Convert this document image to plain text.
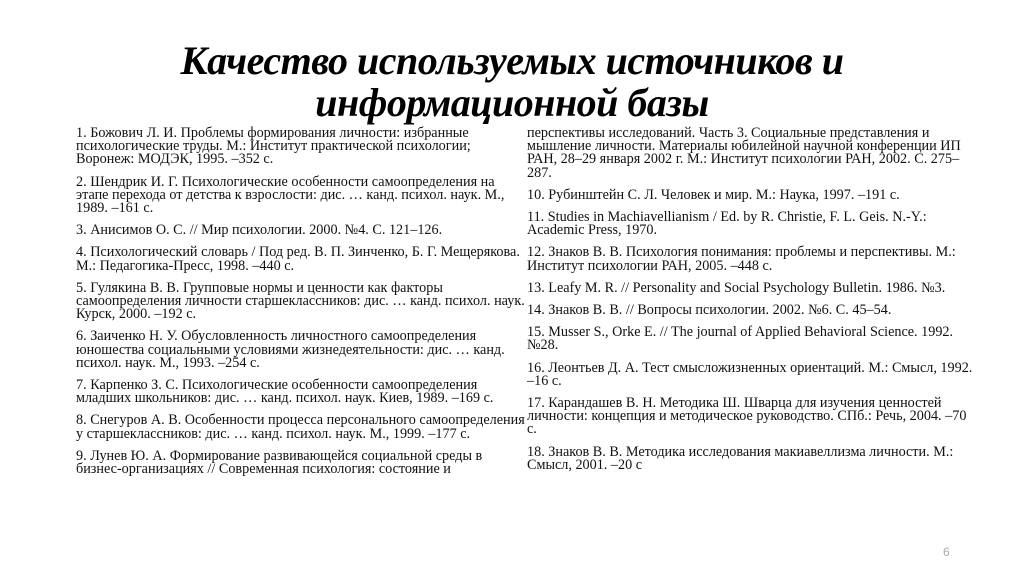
Качество используемых источников и
информационной базы

1. Божович Л. И. Проблемы формирования личности: избранные психологические труды. М.: Институт практической психологии; Воронеж: МОДЭК, 1995. –352 с.

2. Шендрик И. Г. Психологические особенности самоопределения на этапе перехода от детства к взрослости: дис. … канд. психол. наук. М., 1989. –161 с.

3. Анисимов О. С. // Мир психологии. 2000. №4. С. 121–126.

4. Психологический словарь / Под ред. В. П. Зинченко, Б. Г. Мещерякова. М.: Педагогика-Пресс, 1998. –440 с.

5. Гулякина В. В. Групповые нормы и ценности как факторы самоопределения личности старшеклассников: дис. … канд. психол. наук. Курск, 2000. –192 с.

6. Заиченко Н. У. Обусловленность личностного самоопределения юношества социальными условиями жизнедеятельности: дис. … канд. психол. наук. М., 1993. –254 с.

7. Карпенко З. С. Психологические особенности самоопределения младших школьников: дис. … канд. психол. наук. Киев, 1989. –169 с.

8. Снегуров А. В. Особенности процесса персонального самоопределения у старшеклассников: дис. … канд. психол. наук. М., 1999. –177 с.

9. Лунев Ю. А. Формирование развивающейся социальной среды в бизнес-организациях // Современная психология: состояние и

перспективы исследований. Часть 3. Социальные представления и мышление личности. Материалы юбилейной научной конференции ИП РАН, 28–29 января 2002 г. М.: Институт психологии РАН, 2002. С. 275–287.

10. Рубинштейн С. Л. Человек и мир. М.: Наука, 1997. –191 с.

11. Studies in Machiavellianism / Ed. by R. Christie, F. L. Geis. N.-Y.: Academic Press, 1970.

12. Знаков В. В. Психология понимания: проблемы и перспективы. М.: Институт психологии РАН, 2005. –448 с.

13. Leafy M. R. // Personality and Social Psychology Bulletin. 1986. №3.

14. Знаков В. В. // Вопросы психологии. 2002. №6. С. 45–54.

15. Musser S., Orke E. // The journal of Applied Behavioral Science. 1992. №28.

16. Леонтьев Д. А. Тест смысложизненных ориентаций. М.: Смысл, 1992. –16 с.

17. Карандашев В. Н. Методика Ш. Шварца для изучения ценностей личности: концепция и методическое руководство. СПб.: Речь, 2004. –70 с.

18. Знаков В. В. Методика исследования макиавеллизма личности. М.: Смысл, 2001. –20 с

6
